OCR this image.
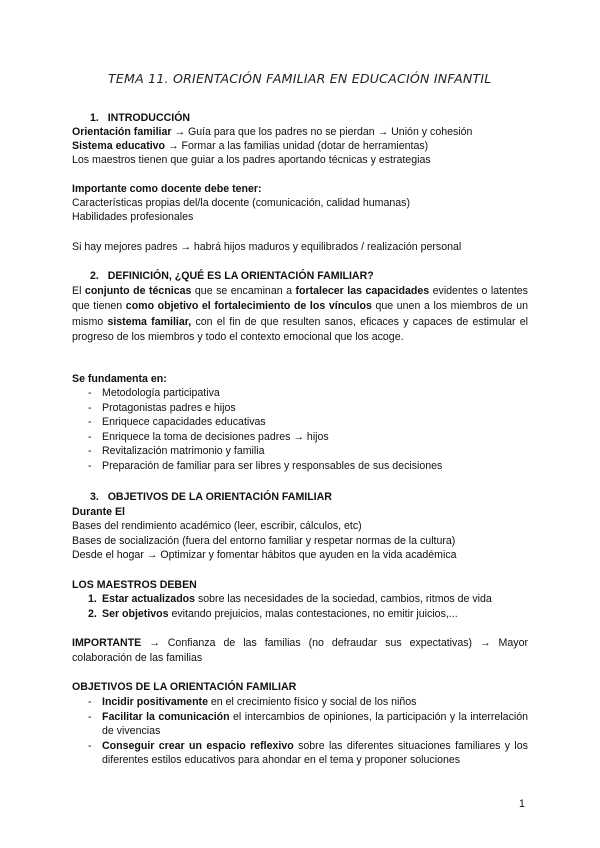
TEMA 11. ORIENTACIÓN FAMILIAR EN EDUCACIÓN INFANTIL
1. INTRODUCCIÓN
Orientación familiar → Guía para que los padres no se pierdan → Unión y cohesión
Sistema educativo → Formar a las familias unidad (dotar de herramientas)
Los maestros tienen que guiar a los padres aportando técnicas y estrategias
Importante como docente debe tener:
Características propias del/la docente (comunicación, calidad humanas)
Habilidades profesionales
Si hay mejores padres → habrá hijos maduros y equilibrados / realización personal
2. DEFINICIÓN, ¿QUÉ ES LA ORIENTACIÓN FAMILIAR?

El conjunto de técnicas que se encaminan a fortalecer las capacidades evidentes o latentes que tienen como objetivo el fortalecimiento de los vínculos que unen a los miembros de un mismo sistema familiar, con el fin de que resulten sanos, eficaces y capaces de estimular el progreso de los miembros y todo el contexto emocional que los acoge.

Se fundamenta en:
- Metodología participativa
- Protagonistas padres e hijos
- Enriquece capacidades educativas
- Enriquece la toma de decisiones padres → hijos
- Revitalización matrimonio y familia
- Preparación de familiar para ser libres y responsables de sus decisiones
3. OBJETIVOS DE LA ORIENTACIÓN FAMILIAR
Durante El
Bases del rendimiento académico (leer, escribir, cálculos, etc)
Bases de socialización (fuera del entorno familiar y respetar normas de la cultura)
Desde el hogar → Optimizar y fomentar hábitos que ayuden en la vida académica
LOS MAESTROS DEBEN
1. Estar actualizados sobre las necesidades de la sociedad, cambios, ritmos de vida
2. Ser objetivos evitando prejuicios, malas contestaciones, no emitir juicios,...

IMPORTANTE → Confianza de las familias (no defraudar sus expectativas) → Mayor colaboración de las familias

OBJETIVOS DE LA ORIENTACIÓN FAMILIAR
- Incidir positivamente en el crecimiento físico y social de los niños
- Facilitar la comunicación el intercambios de opiniones, la participación y la interrelación de vivencias
- Conseguir crear un espacio reflexivo sobre las diferentes situaciones familiares y los diferentes estilos educativos para ahondar en el tema y proponer soluciones
1
